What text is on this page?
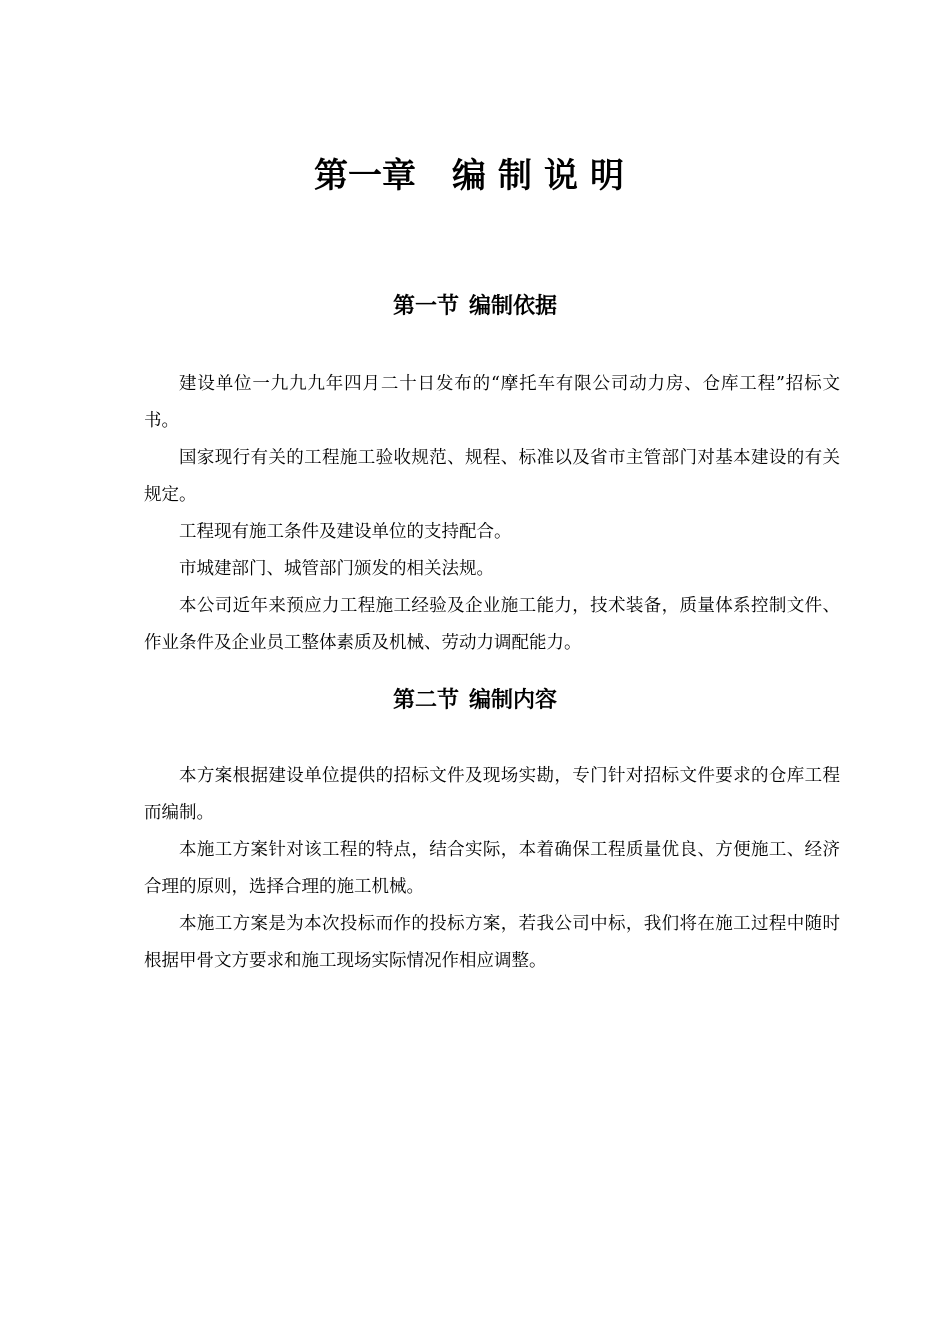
第一章 编制说明
第一节 编制依据

建设单位一九九九年四月二十日发布的“摩托车有限公司动力房、仓库工程”招标文书。

国家现行有关的工程施工验收规范、规程、标准以及省市主管部门对基本建设的有关规定。

工程现有施工条件及建设单位的支持配合。

市城建部门、城管部门颁发的相关法规。

本公司近年来预应力工程施工经验及企业施工能力，技术装备，质量体系控制文件、作业条件及企业员工整体素质及机械、劳动力调配能力。

第二节 编制内容

本方案根据建设单位提供的招标文件及现场实勘，专门针对招标文件要求的仓库工程而编制。

本施工方案针对该工程的特点，结合实际，本着确保工程质量优良、方便施工、经济合理的原则，选择合理的施工机械。

本施工方案是为本次投标而作的投标方案，若我公司中标，我们将在施工过程中随时根据甲骨文方要求和施工现场实际情况作相应调整。
